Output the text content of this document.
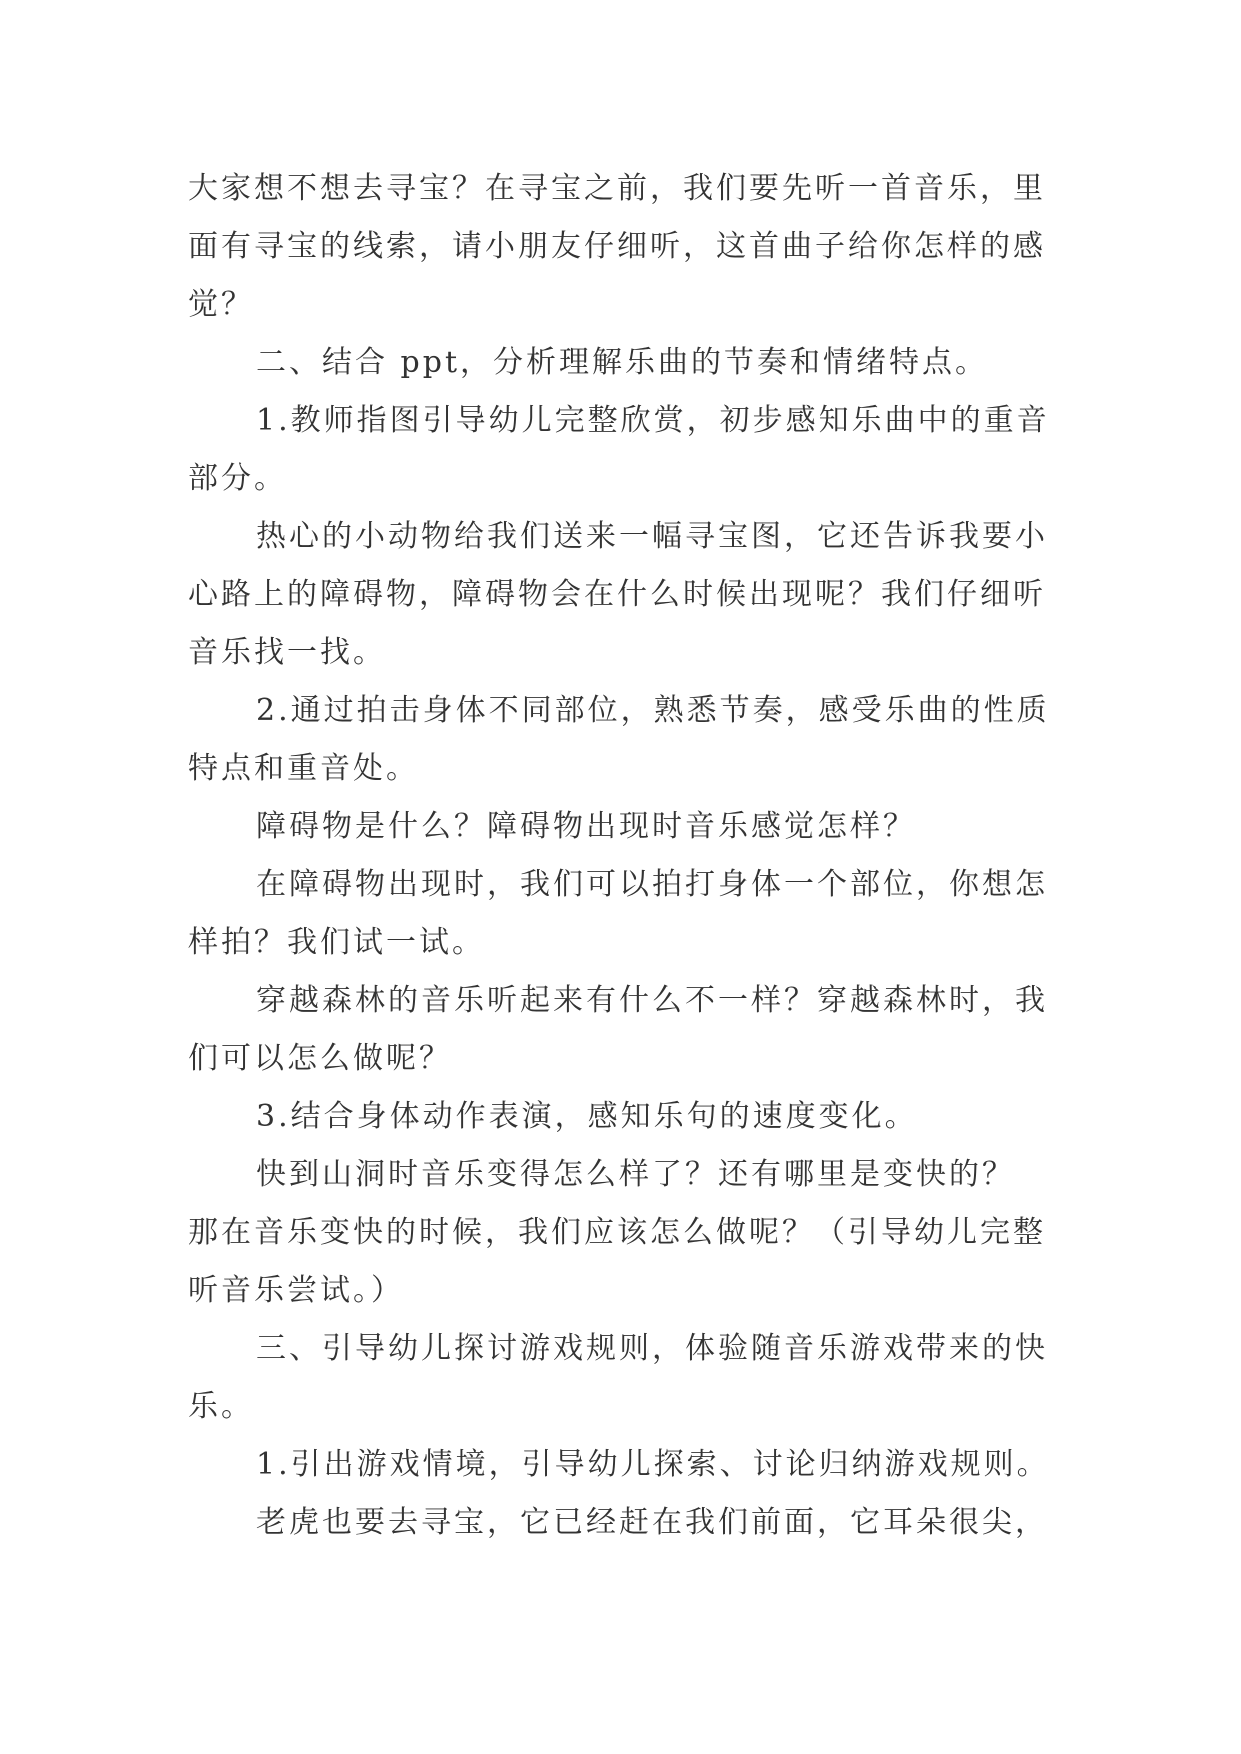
大家想不想去寻宝？在寻宝之前，我们要先听一首音乐，里
面有寻宝的线索，请小朋友仔细听，这首曲子给你怎样的感
觉？
二、结合 ppt，分析理解乐曲的节奏和情绪特点。
1.教师指图引导幼儿完整欣赏，初步感知乐曲中的重音
部分。
热心的小动物给我们送来一幅寻宝图，它还告诉我要小
心路上的障碍物，障碍物会在什么时候出现呢？我们仔细听
音乐找一找。
2.通过拍击身体不同部位，熟悉节奏，感受乐曲的性质
特点和重音处。
障碍物是什么？障碍物出现时音乐感觉怎样？
在障碍物出现时，我们可以拍打身体一个部位，你想怎
样拍？我们试一试。
穿越森林的音乐听起来有什么不一样？穿越森林时，我
们可以怎么做呢？
3.结合身体动作表演，感知乐句的速度变化。
快到山洞时音乐变得怎么样了？还有哪里是变快的？
那在音乐变快的时候，我们应该怎么做呢？（引导幼儿完整
听音乐尝试。）
三、引导幼儿探讨游戏规则，体验随音乐游戏带来的快
乐。
1.引出游戏情境，引导幼儿探索、讨论归纳游戏规则。
老虎也要去寻宝，它已经赶在我们前面，它耳朵很尖，
